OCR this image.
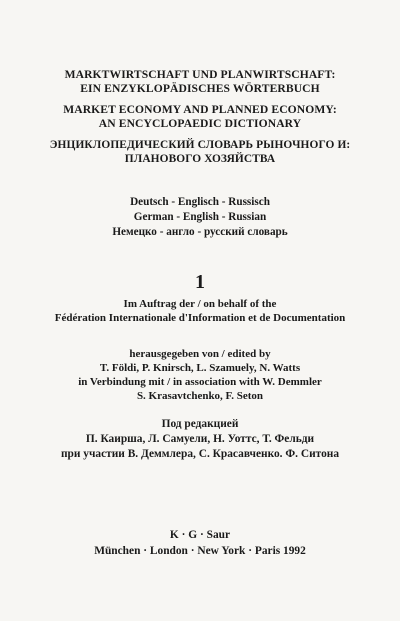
MARKTWIRTSCHAFT UND PLANWIRTSCHAFT:
EIN ENZYKLOPÄDISCHES WÖRTERBUCH
MARKET ECONOMY AND PLANNED ECONOMY:
AN ENCYCLOPAEDIC DICTIONARY
ЭНЦИКЛОПЕДИЧЕСКИЙ СЛОВАРЬ РЫНОЧНОГО И:
ПЛАНОВОГО ХОЗЯЙСТВА
Deutsch - Englisch - Russisch
German - English - Russian
Немецко - англо - русский словарь
1
Im Auftrag der / on behalf of the
Fédération Internationale d'Information et de Documentation
herausgegeben von / edited by
T. Földi, P. Knirsch, L. Szamuely, N. Watts
in Verbindung mit / in association with W. Demmler
S. Krasavtchenko, F. Seton
Под редакцией
П. Каирша, Л. Самуели, Н. Уоттс, Т. Фельди
при участии В. Деммлера, С. Красавченко. Ф. Ситона
K · G · Saur
München · London · New York · Paris 1992
